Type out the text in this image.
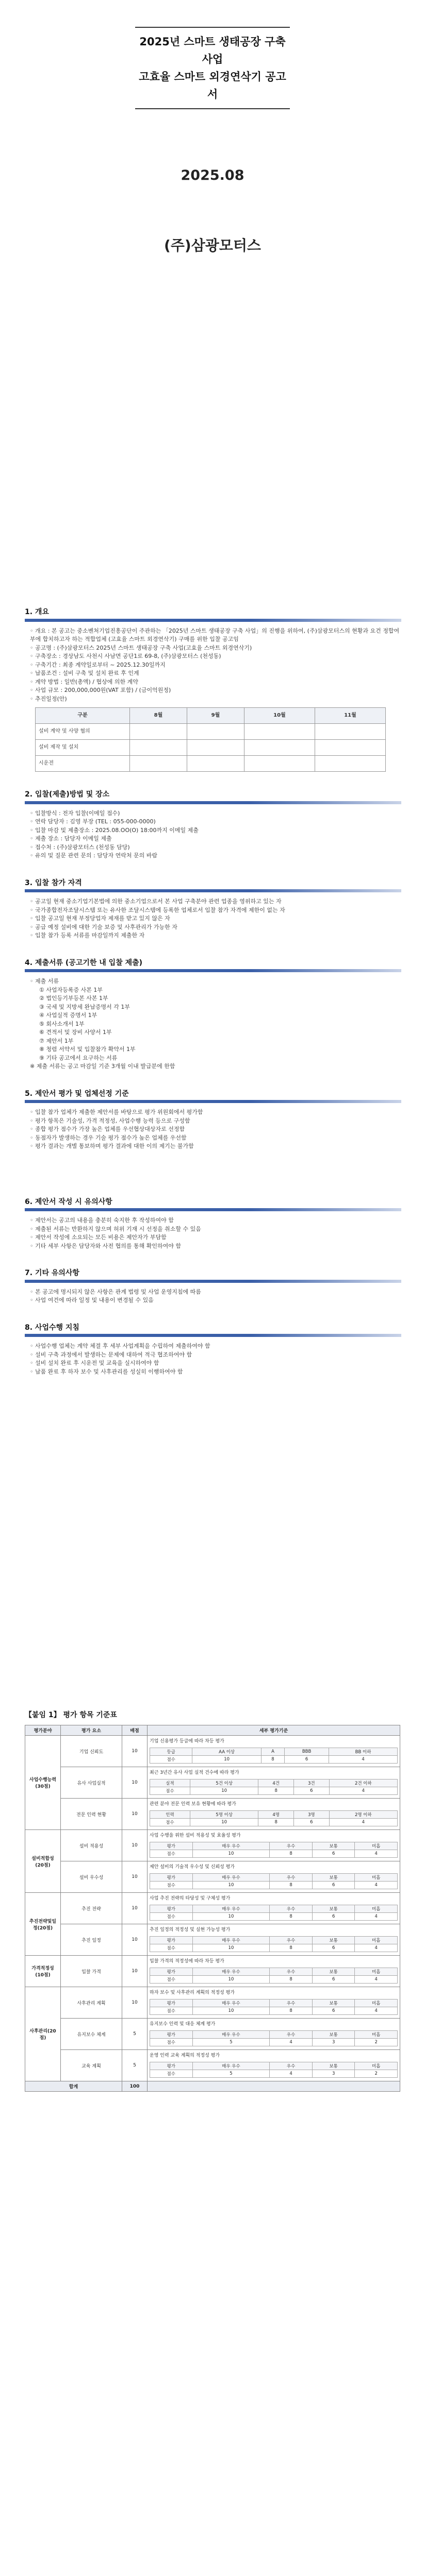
2025년 스마트 생태공장 구축사업
고효율 스마트 외경연삭기 공고서
2025.08
(주)삼광모터스
1. 개요
◦ 개요 : 본 공고는 중소벤처기업진흥공단이 주관하는 「2025년 스마트 생태공장 구축 사업」의 진행을 위하여, (주)삼광모터스의 현황과 요건 정합여부에 합치하고자 하는 적합업체 (고효율 스마트 외경연삭기) 구매를 위한 입찰 공고임
◦ 공고명 : (주)삼광모터스 2025년 스마트 생태공장 구축 사업(고효율 스마트 외경연삭기)
◦ 구축장소 : 경상남도 사천시 사남면 공단1로 69-8, (주)삼광모터스 (천성동)
◦ 구축기간 : 최종 계약일로부터 ~ 2025.12.30일까지
◦ 납품조건 : 설비 구축 및 설치 완료 후 인계
◦ 계약 방법 : 일반(총액) / 협상에 의한 계약
◦ 사업 규모 : 200,000,000원(VAT 포함) / (금이억원정)
◦ 추진일정(안)
구분	8월	9월	10월	11월
설비 계약 및 사양 협의				
설비 제작 및 설치				
시운전				
2. 입찰(제출)방법 및 장소
◦ 입찰방식 : 전자 입찰(이메일 접수)
◦ 연락 담당자 : 김영 부장 (TEL : 055-000-0000)
◦ 입찰 마감 및 제출장소 : 2025.08.OO(O) 18:00까지 이메일 제출
◦ 제출 장소 : 담당자 이메일 제출
◦ 접수처 : (주)삼광모터스 (천성동 담당)
◦ 유의 및 질문 관련 문의 : 담당자 연락처 문의 바람
3. 입찰 참가 자격
◦ 공고일 현재 중소기업기본법에 의한 중소기업으로서 본 사업 구축분야 관련 업종을 영위하고 있는 자
◦ 국가종합전자조달시스템 또는 유사한 조달시스템에 등록한 업체로서 입찰 참가 자격에 제한이 없는 자
◦ 입찰 공고일 현재 부정당업자 제재를 받고 있지 않은 자
◦ 공급 예정 설비에 대한 기술 보증 및 사후관리가 가능한 자
◦ 입찰 참가 등록 서류를 마감일까지 제출한 자
4. 제출서류 (공고기한 내 입찰 제출)
◦ 제출 서류
① 사업자등록증 사본 1부
② 법인등기부등본 사본 1부
③ 국세 및 지방세 완납증명서 각 1부
④ 사업실적 증명서 1부
⑤ 회사소개서 1부
⑥ 견적서 및 장비 사양서 1부
⑦ 제안서 1부
⑧ 청렴 서약서 및 입찰참가 확약서 1부
⑨ 기타 공고에서 요구하는 서류
※ 제출 서류는 공고 마감일 기준 3개월 이내 발급분에 한함
5. 제안서 평가 및 업체선정 기준
◦ 입찰 참가 업체가 제출한 제안서를 바탕으로 평가 위원회에서 평가함
◦ 평가 항목은 기술성, 가격 적정성, 사업수행 능력 등으로 구성함
◦ 종합 평가 점수가 가장 높은 업체를 우선협상대상자로 선정함
◦ 동점자가 발생하는 경우 기술 평가 점수가 높은 업체를 우선함
◦ 평가 결과는 개별 통보하며 평가 결과에 대한 이의 제기는 불가함
6. 제안서 작성 시 유의사항
◦ 제안서는 공고의 내용을 충분히 숙지한 후 작성하여야 함
◦ 제출된 서류는 반환하지 않으며 허위 기재 시 선정을 취소할 수 있음
◦ 제안서 작성에 소요되는 모든 비용은 제안자가 부담함
◦ 기타 세부 사항은 담당자와 사전 협의를 통해 확인하여야 함
7. 기타 유의사항
◦ 본 공고에 명시되지 않은 사항은 관계 법령 및 사업 운영지침에 따름
◦ 사업 여건에 따라 일정 및 내용이 변경될 수 있음
8. 사업수행 지침
◦ 사업수행 업체는 계약 체결 후 세부 사업계획을 수립하여 제출하여야 함
◦ 설비 구축 과정에서 발생하는 문제에 대하여 적극 협조하여야 함
◦ 설비 설치 완료 후 시운전 및 교육을 실시하여야 함
◦ 납품 완료 후 하자 보수 및 사후관리를 성실히 이행하여야 함
【붙임 1】 평가 항목 기준표
평가분야	평가 요소	배점	세부 평가기준
사업수행능력(30점)	기업 신뢰도	10	
기업 신용평가 등급에 따라 차등 평가
등급	AA 이상	A	BBB	BB 이하
점수	10	8	6	4

유사 사업실적	10	
최근 3년간 유사 사업 실적 건수에 따라 평가
실적	5건 이상	4건	3건	2건 이하
점수	10	8	6	4

전문 인력 현황	10	
관련 분야 전문 인력 보유 현황에 따라 평가
인력	5명 이상	4명	3명	2명 이하
점수	10	8	6	4

설비적합성(20점)	설비 적용성	10	
사업 수행을 위한 설비 적용성 및 효율성 평가
평가	매우 우수	우수	보통	미흡
점수	10	8	6	4

설비 우수성	10	
제안 설비의 기술적 우수성 및 신뢰성 평가
평가	매우 우수	우수	보통	미흡
점수	10	8	6	4

추진전략및일정(20점)	추진 전략	10	
사업 추진 전략의 타당성 및 구체성 평가
평가	매우 우수	우수	보통	미흡
점수	10	8	6	4

추진 일정	10	
추진 일정의 적정성 및 실현 가능성 평가
평가	매우 우수	우수	보통	미흡
점수	10	8	6	4

가격적정성(10점)	입찰 가격	10	
입찰 가격의 적정성에 따라 차등 평가
평가	매우 우수	우수	보통	미흡
점수	10	8	6	4

사후관리(20점)	사후관리 계획	10	
하자 보수 및 사후관리 계획의 적정성 평가
평가	매우 우수	우수	보통	미흡
점수	10	8	6	4

유지보수 체계	5	
유지보수 인력 및 대응 체계 평가
평가	매우 우수	우수	보통	미흡
점수	5	4	3	2

교육 계획	5	
운영 인력 교육 계획의 적정성 평가
평가	매우 우수	우수	보통	미흡
점수	5	4	3	2

합계	100	
